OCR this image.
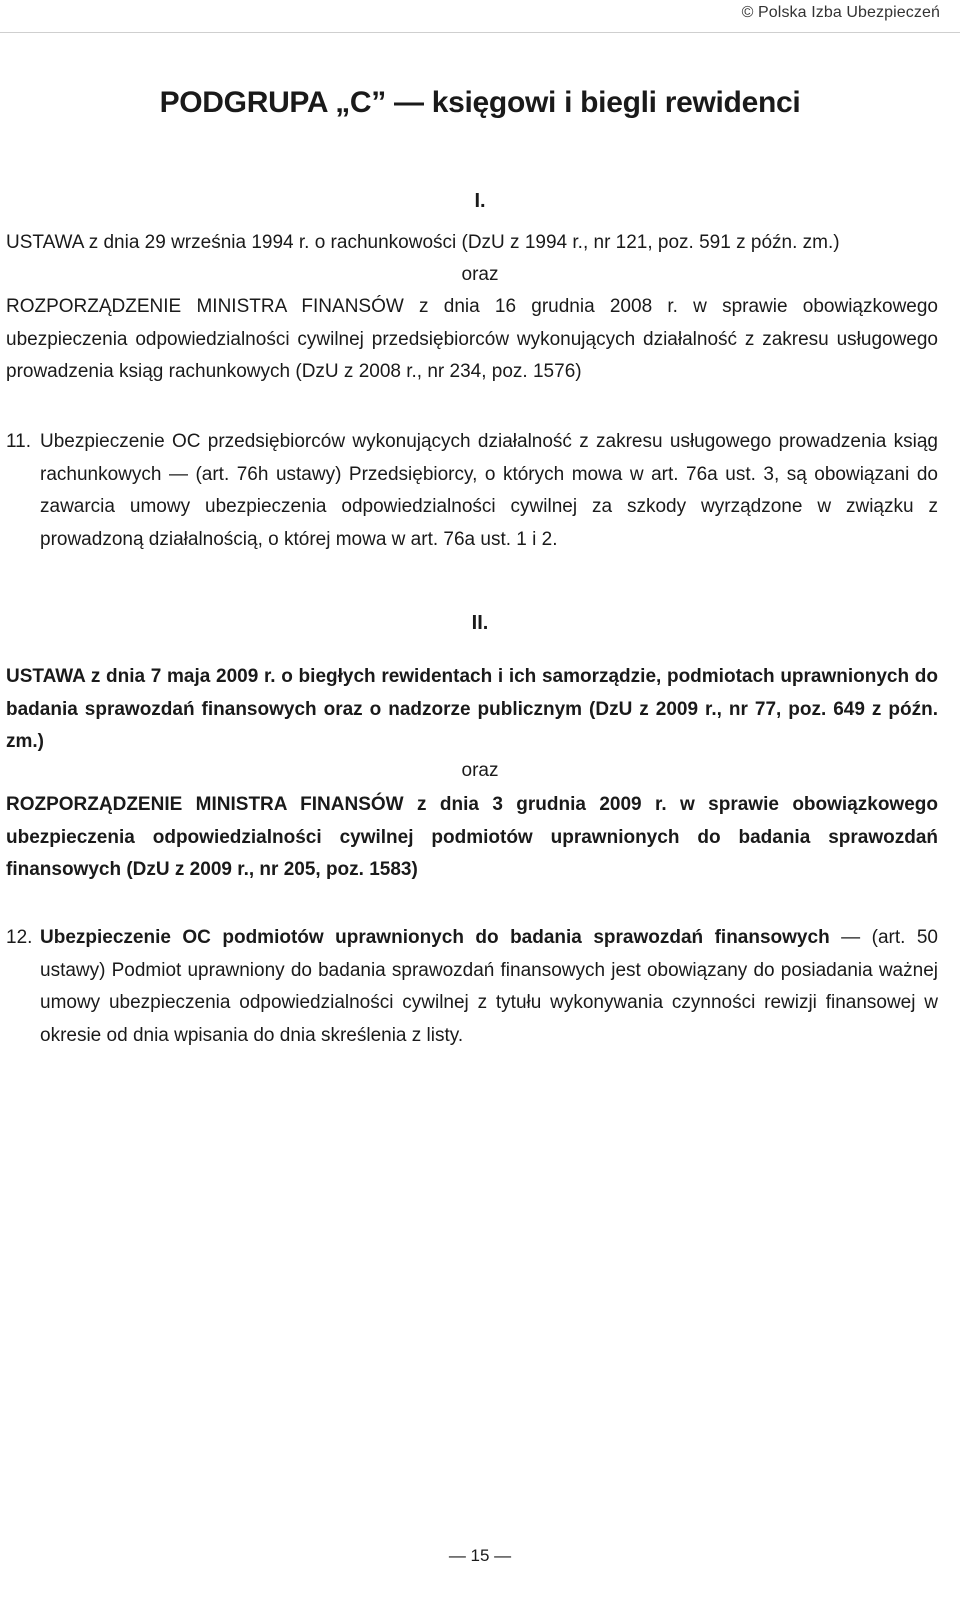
© Polska Izba Ubezpieczeń
PODGRUPA „C” — księgowi i biegli rewidenci
I.
USTAWA z dnia 29 września 1994 r. o rachunkowości (DzU z 1994 r., nr 121, poz. 591 z późn. zm.)
oraz
ROZPORZĄDZENIE MINISTRA FINANSÓW z dnia 16 grudnia 2008 r. w sprawie obowiązkowego ubezpieczenia odpowiedzialności cywilnej przedsiębiorców wykonujących działalność z zakresu usługowego prowadzenia ksiąg rachunkowych (DzU z 2008 r., nr 234, poz. 1576)
11. Ubezpieczenie OC przedsiębiorców wykonujących działalność z zakresu usługowego prowadzenia ksiąg rachunkowych — (art. 76h ustawy) Przedsiębiorcy, o których mowa w art. 76a ust. 3, są obowiązani do zawarcia umowy ubezpieczenia odpowiedzialności cywilnej za szkody wyrządzone w związku z prowadzoną działalnością, o której mowa w art. 76a ust. 1 i 2.
II.
USTAWA z dnia 7 maja 2009 r. o biegłych rewidentach i ich samorządzie, podmiotach uprawnionych do badania sprawozdań finansowych oraz o nadzorze publicznym (DzU z 2009 r., nr 77, poz. 649 z późn. zm.)
oraz
ROZPORZĄDZENIE MINISTRA FINANSÓW z dnia 3 grudnia 2009 r. w sprawie obowiązkowego ubezpieczenia odpowiedzialności cywilnej podmiotów uprawnionych do badania sprawozdań finansowych (DzU z 2009 r., nr 205, poz. 1583)
12. Ubezpieczenie OC podmiotów uprawnionych do badania sprawozdań finansowych — (art. 50 ustawy) Podmiot uprawniony do badania sprawozdań finansowych jest obowiązany do posiadania ważnej umowy ubezpieczenia odpowiedzialności cywilnej z tytułu wykonywania czynności rewizji finansowej w okresie od dnia wpisania do dnia skreślenia z listy.
— 15 —
